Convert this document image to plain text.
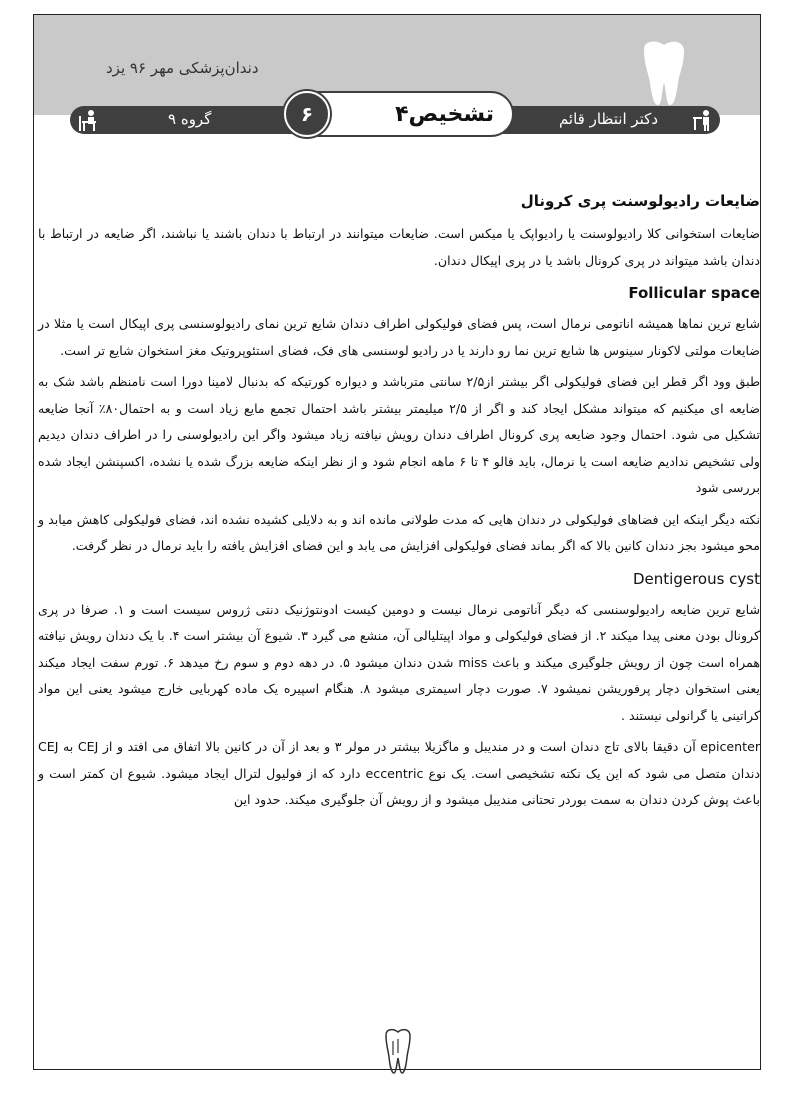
دندان‌پزشکی مهر ۹۶ یزد
دکتر انتظار قائم
گروه ۹	تشخیص۴
۶
ضایعات رادیولوسنت پری کرونال

ضایعات استخوانی کلا رادیولوسنت یا رادیواپک یا میکس است. ضایعات میتوانند در ارتباط با دندان باشند یا نباشند، اگر ضایعه در ارتباط با دندان باشد میتواند در پری کرونال باشد یا در پری اپیکال دندان.

Follicular space

شایع ترین نماها همیشه اناتومی نرمال است، پس فضای فولیکولی اطراف دندان شایع ترین نمای رادیولوسنسی پری اپیکال است یا مثلا در ضایعات مولتی لاکونار سینوس ها شایع ترین نما رو دارند یا در رادیو لوسنسی های فک، فضای استئوپروتیک مغز استخوان شایع تر است.

طبق وود اگر قطر این فضای فولیکولی اگر بیشتر از۲/۵ سانتی مترباشد و دیواره کورتیکه که بدنبال لامینا دورا است نامنظم باشد شک به ضایعه ای میکنیم که میتواند مشکل ایجاد کند و اگر از ۲/۵ میلیمتر بیشتر باشد احتمال تجمع مایع زیاد است و به احتمال۸۰٪ آنجا ضایعه تشکیل می شود. احتمال وجود ضایعه پری کرونال اطراف دندان رویش نیافته زیاد میشود واگر این رادیولوسنی را در اطراف دندان دیدیم ولی تشخیص ندادیم ضایعه است یا نرمال، باید فالو ۴ تا ۶ ماهه انجام شود و از نظر اینکه ضایعه بزرگ شده یا نشده، اکسپنشن ایجاد شده بررسی شود

نکته دیگر اینکه این فضاهای فولیکولی در دندان هایی که مدت طولانی مانده اند و به دلایلی کشیده نشده اند، فضای فولیکولی کاهش میابد و محو میشود بجز دندان کانین بالا که اگر بماند فضای فولیکولی افزایش می یابد و این فضای افزایش یافته را باید نرمال در نظر گرفت.

Dentigerous cyst

شایع ترین ضایعه رادیولوسنسی که دیگر آناتومی نرمال نیست و دومین کیست ادونتوژنیک دنتی ژروس سیست است و ۱. صرفا در پری کرونال بودن معنی پیدا میکند ۲. از فضای فولیکولی و مواد اپیتلیالی آن، منشع می گیرد ۳. شیوع آن بیشتر است ۴. با یک دندان رویش نیافته همراه است چون از رویش جلوگیری میکند و باعث miss شدن دندان میشود ۵. در دهه دوم و سوم رخ میدهد ۶. تورم سفت ایجاد میکند یعنی استخوان دچار پرفوریشن نمیشود ۷. صورت دچار اسیمتری میشود ۸. هنگام اسپیره یک ماده کهربایی خارج میشود یعنی این مواد کراتینی یا گرانولی نیستند .

epicenter آن دقیقا بالای تاج دندان است و در مندیبل و ماگزیلا بیشتر در مولر ۳ و بعد از آن در کانین بالا اتفاق می افتد و از CEJ به CEJ دندان متصل می شود که این یک نکته تشخیصی است. یک نوع eccentric دارد که از فولیول لترال ایجاد میشود. شیوع ان کمتر است و باعث پوش کردن دندان به سمت بوردر تحتانی مندیبل میشود و از رویش آن جلوگیری میکند. حدود این
